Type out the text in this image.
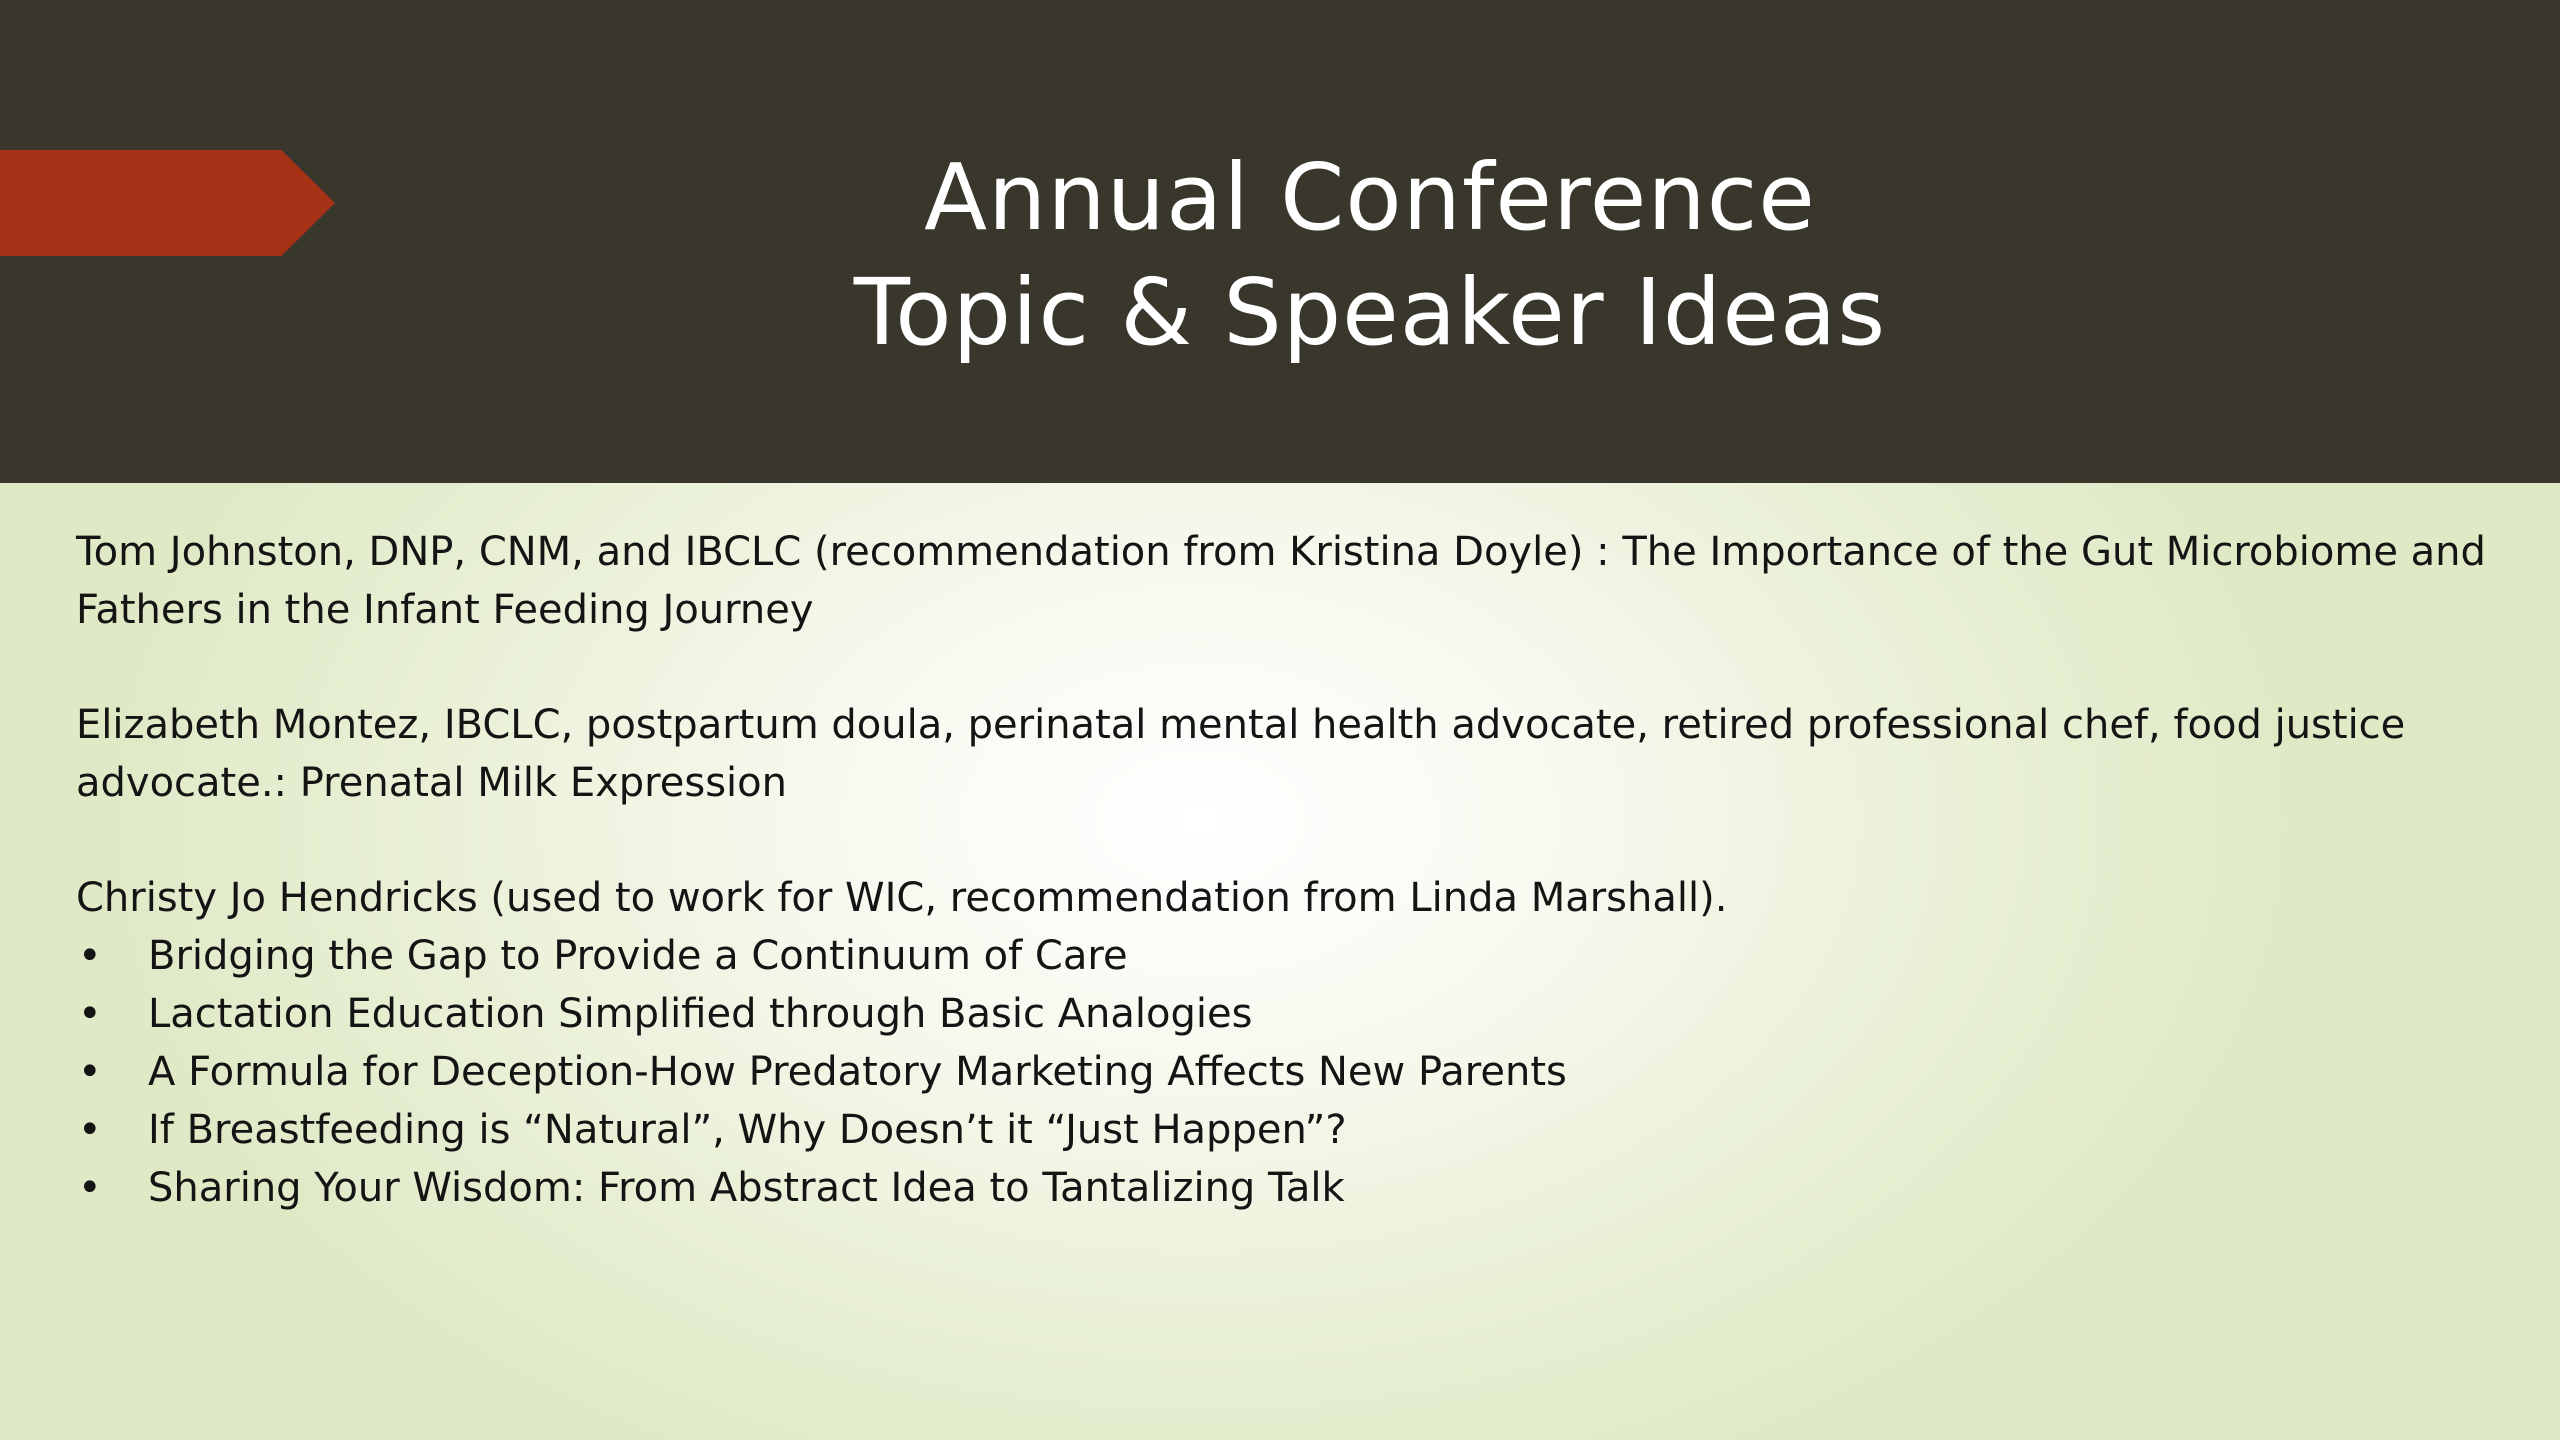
Annual Conference
Topic & Speaker Ideas

Tom Johnston, DNP, CNM, and IBCLC (recommendation from Kristina Doyle) : The Importance of the Gut Microbiome and Fathers in the Infant Feeding Journey

Elizabeth Montez, IBCLC, postpartum doula, perinatal mental health advocate, retired professional chef, food justice advocate.: Prenatal Milk Expression

Christy Jo Hendricks (used to work for WIC, recommendation from Linda Marshall).

• Bridging the Gap to Provide a Continuum of Care
• Lactation Education Simplified through Basic Analogies
• A Formula for Deception-How Predatory Marketing Affects New Parents
• If Breastfeeding is “Natural”, Why Doesn’t it “Just Happen”?
• Sharing Your Wisdom: From Abstract Idea to Tantalizing Talk
